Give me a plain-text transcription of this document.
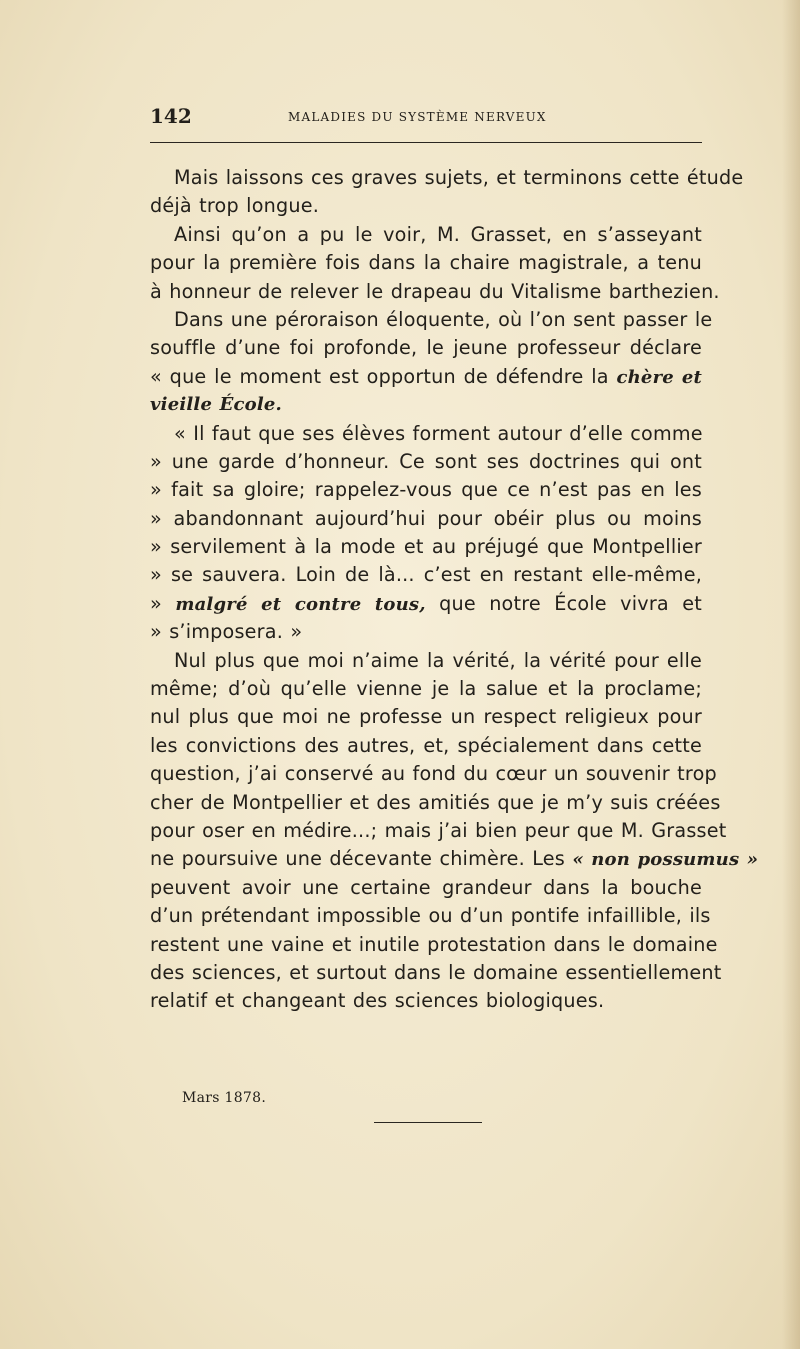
142	MALADIES DU SYSTÈME NERVEUX
Mais laissons ces graves sujets, et terminons cette étude
déjà trop longue.
Ainsi qu’on a pu le voir, M. Grasset, en s’asseyant
pour la première fois dans la chaire magistrale, a tenu
à honneur de relever le drapeau du Vitalisme barthezien.
Dans une péroraison éloquente, où l’on sent passer le
souffle d’une foi profonde, le jeune professeur déclare
« que le moment est opportun de défendre la chère et
vieille École.
« Il faut que ses élèves forment autour d’elle comme
» une garde d’honneur. Ce sont ses doctrines qui ont
» fait sa gloire; rappelez-vous que ce n’est pas en les
» abandonnant aujourd’hui pour obéir plus ou moins
» servilement à la mode et au préjugé que Montpellier
» se sauvera. Loin de là... c’est en restant elle-même,
» malgré et contre tous, que notre École vivra et
» s’imposera. »
Nul plus que moi n’aime la vérité, la vérité pour elle
même; d’où qu’elle vienne je la salue et la proclame;
nul plus que moi ne professe un respect religieux pour
les convictions des autres, et, spécialement dans cette
question, j’ai conservé au fond du cœur un souvenir trop
cher de Montpellier et des amitiés que je m’y suis créées
pour oser en médire...; mais j’ai bien peur que M. Grasset
ne poursuive une décevante chimère. Les « non possumus »
peuvent avoir une certaine grandeur dans la bouche
d’un prétendant impossible ou d’un pontife infaillible, ils
restent une vaine et inutile protestation dans le domaine
des sciences, et surtout dans le domaine essentiellement
relatif et changeant des sciences biologiques.
Mars 1878.
